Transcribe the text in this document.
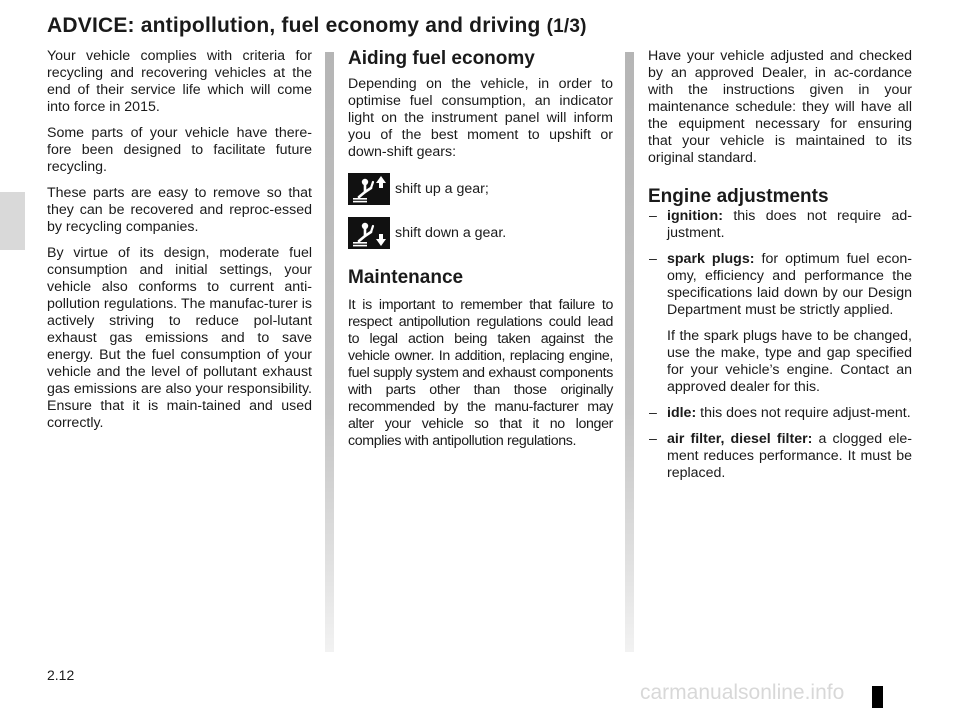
ADVICE: antipollution, fuel economy and driving (1/3)

Your vehicle complies with criteria for recycling and recovering vehicles at the end of their service life which will come into force in 2015.

Some parts of your vehicle have there-fore been designed to facilitate future recycling.

These parts are easy to remove so that they can be recovered and reproc-essed by recycling companies.

By virtue of its design, moderate fuel consumption and initial settings, your vehicle also conforms to current anti-pollution regulations. The manufac-turer is actively striving to reduce pol-lutant exhaust gas emissions and to save energy. But the fuel consumption of your vehicle and the level of pollutant exhaust gas emissions are also your responsibility. Ensure that it is main-tained and used correctly.

Aiding fuel economy

Depending on the vehicle, in order to optimise fuel consumption, an indicator light on the instrument panel will inform you of the best moment to upshift or down-shift gears:

shift up a gear;
shift down a gear.
Maintenance

It is important to remember that failure to respect antipollution regulations could lead to legal action being taken against the vehicle owner. In addition, replacing engine, fuel supply system and exhaust components with parts other than those originally recommended by the manu-facturer may alter your vehicle so that it no longer complies with antipollution regulations.

Have your vehicle adjusted and checked by an approved Dealer, in ac-cordance with the instructions given in your maintenance schedule: they will have all the equipment necessary for ensuring that your vehicle is maintained to its original standard.

Engine adjustments
– ignition: this does not require ad-justment.
– spark plugs: for optimum fuel econ-omy, efficiency and performance the specifications laid down by our Design Department must be strictly applied.

If the spark plugs have to be changed, use the make, type and gap specified for your vehicle’s engine. Contact an approved dealer for this.

– idle: this does not require adjust-ment.
– air filter, diesel filter: a clogged ele-ment reduces performance. It must be replaced.
2.12
carmanualsonline.info
